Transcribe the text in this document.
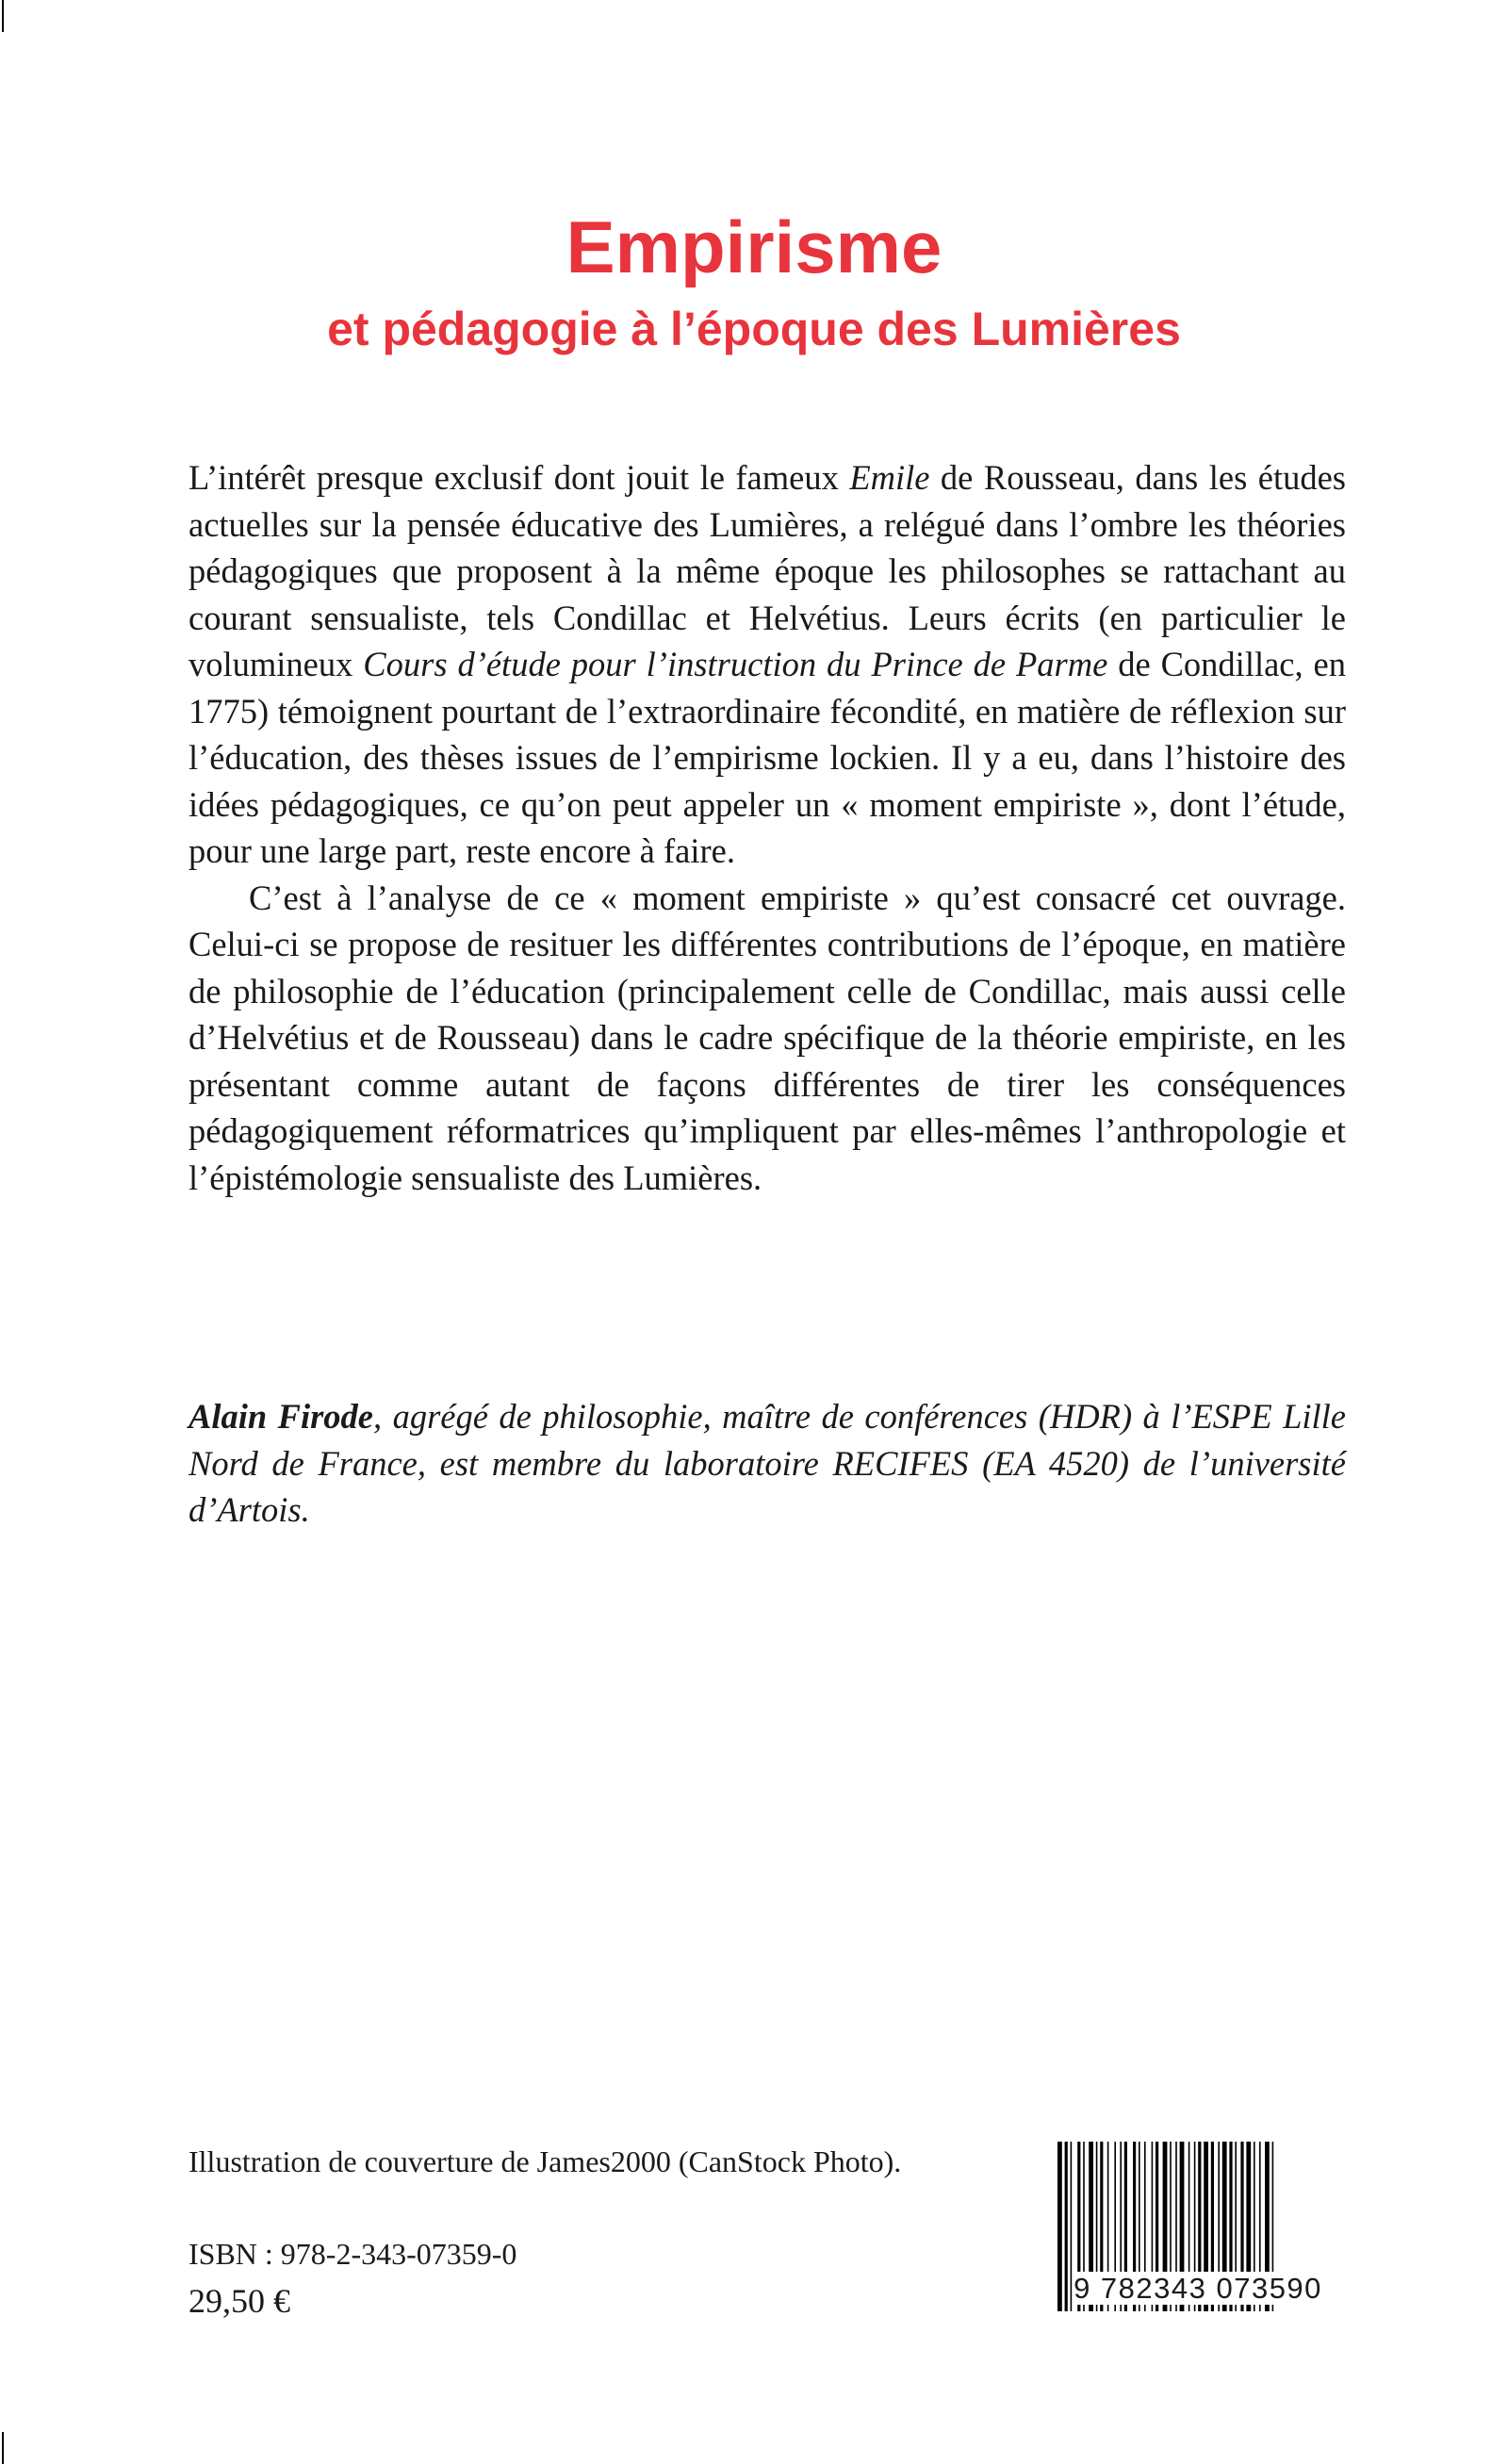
Empirisme
et pédagogie à l’époque des Lumières

L’intérêt presque exclusif dont jouit le fameux Emile de Rousseau, dans les études actuelles sur la pensée éducative des Lumières, a relégué dans l’ombre les théories pédagogiques que proposent à la même époque les philosophes se rattachant au courant sensualiste, tels Condillac et Helvétius. Leurs écrits (en particulier le volumineux Cours d’étude pour l’instruction du Prince de Parme de Condillac, en 1775) témoignent pourtant de l’extraordinaire fécondité, en matière de réflexion sur l’éducation, des thèses issues de l’empirisme lockien. Il y a eu, dans l’histoire des idées pédagogiques, ce qu’on peut appeler un « moment empiriste », dont l’étude, pour une large part, reste encore à faire.

C’est à l’analyse de ce « moment empiriste » qu’est consacré cet ouvrage. Celui-ci se propose de resituer les différentes contributions de l’époque, en matière de philosophie de l’éducation (principalement celle de Condillac, mais aussi celle d’Helvétius et de Rousseau) dans le cadre spécifique de la théorie empiriste, en les présentant comme autant de façons différentes de tirer les conséquences pédagogiquement réformatrices qu’impliquent par elles-mêmes l’anthropologie et l’épistémologie sensualiste des Lumières.

Alain Firode, agrégé de philosophie, maître de conférences (HDR) à l’ESPE Lille Nord de France, est membre du laboratoire RECIFES (EA 4520) de l’université d’Artois.
Illustration de couverture de James2000 (CanStock Photo).
ISBN : 978-2-343-07359-0
29,50 €	9 782343 073590
